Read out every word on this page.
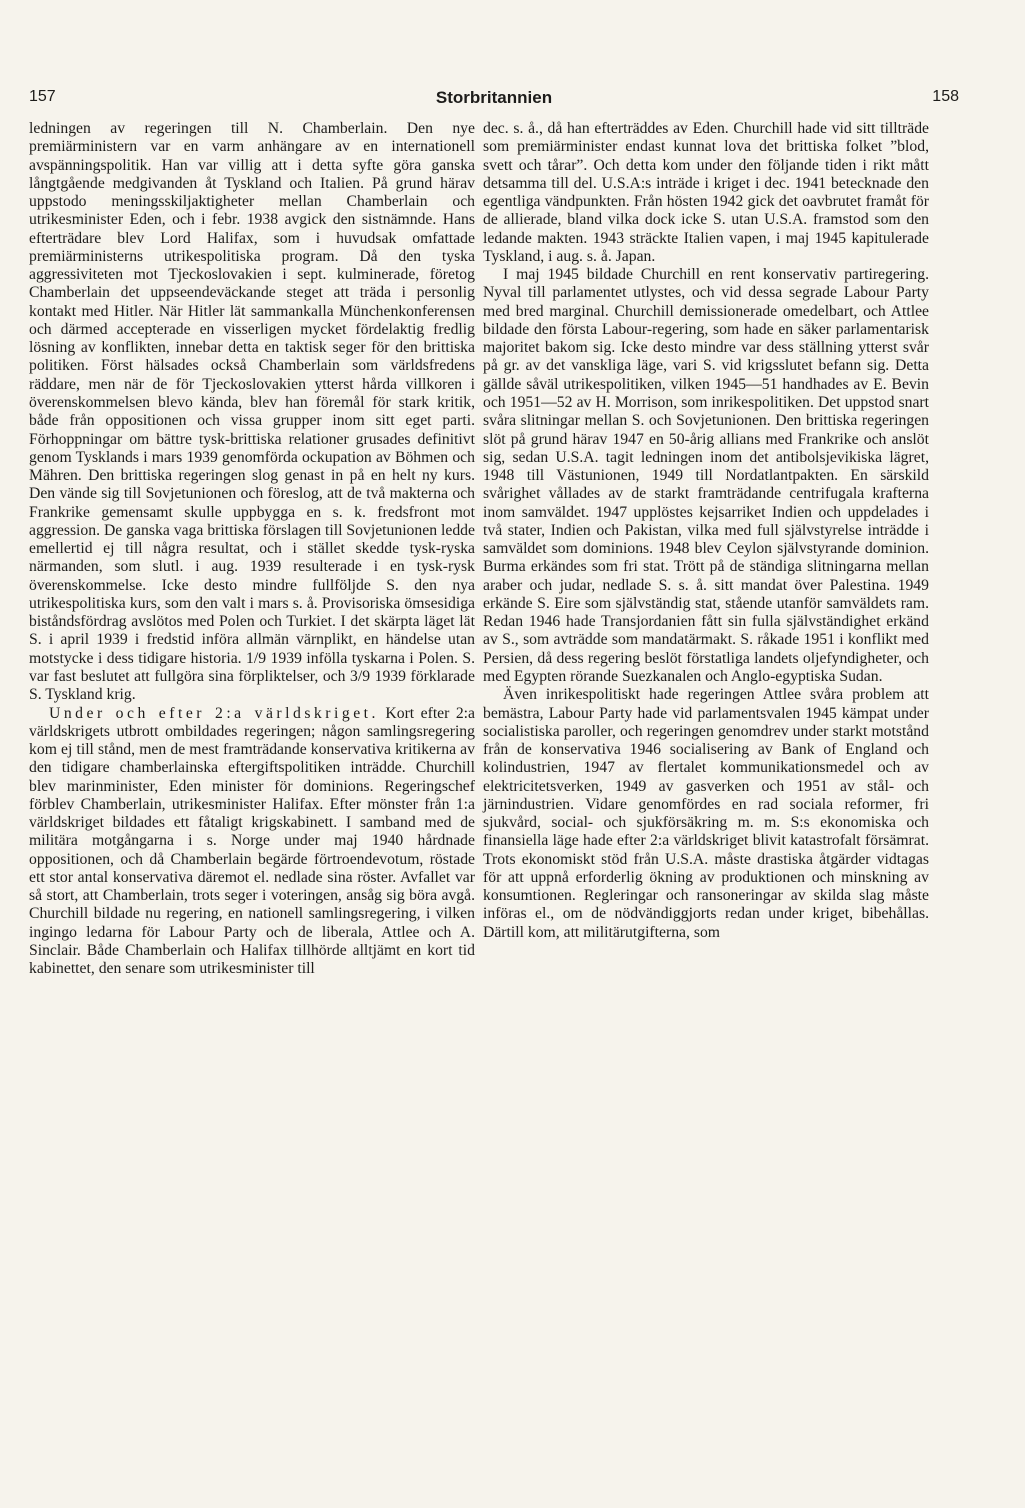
157	Storbritannien	158

ledningen av regeringen till N. Chamberlain. Den nye premiärministern var en varm anhängare av en internationell avspänningspolitik. Han var villig att i detta syfte göra ganska långtgående medgivanden åt Tyskland och Italien. På grund härav uppstodo meningsskiljaktigheter mellan Chamberlain och utrikesminister Eden, och i febr. 1938 avgick den sistnämnde. Hans efterträdare blev Lord Halifax, som i huvudsak omfattade premiärministerns utrikespolitiska program. Då den tyska aggressiviteten mot Tjeckoslovakien i sept. kulminerade, företog Chamberlain det uppseendeväckande steget att träda i personlig kontakt med Hitler. När Hitler lät sammankalla Münchenkonferensen och därmed accepterade en visserligen mycket fördelaktig fredlig lösning av konflikten, innebar detta en taktisk seger för den brittiska politiken. Först hälsades också Chamberlain som världsfredens räddare, men när de för Tjeckoslovakien ytterst hårda villkoren i överenskommelsen blevo kända, blev han föremål för stark kritik, både från oppositionen och vissa grupper inom sitt eget parti. Förhoppningar om bättre tysk-brittiska relationer grusades definitivt genom Tysklands i mars 1939 genomförda ockupation av Böhmen och Mähren. Den brittiska regeringen slog genast in på en helt ny kurs. Den vände sig till Sovjetunionen och föreslog, att de två makterna och Frankrike gemensamt skulle uppbygga en s. k. fredsfront mot aggression. De ganska vaga brittiska förslagen till Sovjetunionen ledde emellertid ej till några resultat, och i stället skedde tysk-ryska närmanden, som slutl. i aug. 1939 resulterade i en tysk-rysk överenskommelse. Icke desto mindre fullföljde S. den nya utrikespolitiska kurs, som den valt i mars s. å. Provisoriska ömsesidiga biståndsfördrag avslötos med Polen och Turkiet. I det skärpta läget lät S. i april 1939 i fredstid införa allmän värnplikt, en händelse utan motstycke i dess tidigare historia. 1/9 1939 infölla tyskarna i Polen. S. var fast beslutet att fullgöra sina förpliktelser, och 3/9 1939 förklarade S. Tyskland krig.

Under och efter 2:a världskriget. Kort efter 2:a världskrigets utbrott ombildades regeringen; någon samlingsregering kom ej till stånd, men de mest framträdande konservativa kritikerna av den tidigare chamberlainska eftergiftspolitiken inträdde. Churchill blev marinminister, Eden minister för dominions. Regeringschef förblev Chamberlain, utrikesminister Halifax. Efter mönster från 1:a världskriget bildades ett fåtaligt krigskabinett. I samband med de militära motgångarna i s. Norge under maj 1940 hårdnade oppositionen, och då Chamberlain begärde förtroendevotum, röstade ett stor antal konservativa däremot el. nedlade sina röster. Avfallet var så stort, att Chamberlain, trots seger i voteringen, ansåg sig böra avgå. Churchill bildade nu regering, en nationell samlingsregering, i vilken ingingo ledarna för Labour Party och de liberala, Attlee och A. Sinclair. Både Chamberlain och Halifax tillhörde alltjämt en kort tid kabinettet, den senare som utrikesminister till

dec. s. å., då han efterträddes av Eden. Churchill hade vid sitt tillträde som premiärminister endast kunnat lova det brittiska folket ”blod, svett och tårar”. Och detta kom under den följande tiden i rikt mått detsamma till del. U.S.A:s inträde i kriget i dec. 1941 betecknade den egentliga vändpunkten. Från hösten 1942 gick det oavbrutet framåt för de allierade, bland vilka dock icke S. utan U.S.A. framstod som den ledande makten. 1943 sträckte Italien vapen, i maj 1945 kapitulerade Tyskland, i aug. s. å. Japan.

I maj 1945 bildade Churchill en rent konservativ partiregering. Nyval till parlamentet utlystes, och vid dessa segrade Labour Party med bred marginal. Churchill demissionerade omedelbart, och Attlee bildade den första Labour-regering, som hade en säker parlamentarisk majoritet bakom sig. Icke desto mindre var dess ställning ytterst svår på gr. av det vanskliga läge, vari S. vid krigsslutet befann sig. Detta gällde såväl utrikespolitiken, vilken 1945—51 handhades av E. Bevin och 1951—52 av H. Morrison, som inrikespolitiken. Det uppstod snart svåra slitningar mellan S. och Sovjetunionen. Den brittiska regeringen slöt på grund härav 1947 en 50-årig allians med Frankrike och anslöt sig, sedan U.S.A. tagit ledningen inom det antibolsjevikiska lägret, 1948 till Västunionen, 1949 till Nordatlantpakten. En särskild svårighet vållades av de starkt framträdande centrifugala krafterna inom samväldet. 1947 upplöstes kejsarriket Indien och uppdelades i två stater, Indien och Pakistan, vilka med full självstyrelse inträdde i samväldet som dominions. 1948 blev Ceylon självstyrande dominion. Burma erkändes som fri stat. Trött på de ständiga slitningarna mellan araber och judar, nedlade S. s. å. sitt mandat över Palestina. 1949 erkände S. Eire som självständig stat, stående utanför samväldets ram. Redan 1946 hade Transjordanien fått sin fulla självständighet erkänd av S., som avträdde som mandatärmakt. S. råkade 1951 i konflikt med Persien, då dess regering beslöt förstatliga landets oljefyndigheter, och med Egypten rörande Suezkanalen och Anglo-egyptiska Sudan.

Även inrikespolitiskt hade regeringen Attlee svåra problem att bemästra, Labour Party hade vid parlamentsvalen 1945 kämpat under socialistiska paroller, och regeringen genomdrev under starkt motstånd från de konservativa 1946 socialisering av Bank of England och kolindustrien, 1947 av flertalet kommunikationsmedel och av elektricitetsverken, 1949 av gasverken och 1951 av stål- och järnindustrien. Vidare genomfördes en rad sociala reformer, fri sjukvård, social- och sjukförsäkring m. m. S:s ekonomiska och finansiella läge hade efter 2:a världskriget blivit katastrofalt försämrat. Trots ekonomiskt stöd från U.S.A. måste drastiska åtgärder vidtagas för att uppnå erforderlig ökning av produktionen och minskning av konsumtionen. Regleringar och ransoneringar av skilda slag måste införas el., om de nödvändiggjorts redan under kriget, bibehållas. Därtill kom, att militärutgifterna, som
